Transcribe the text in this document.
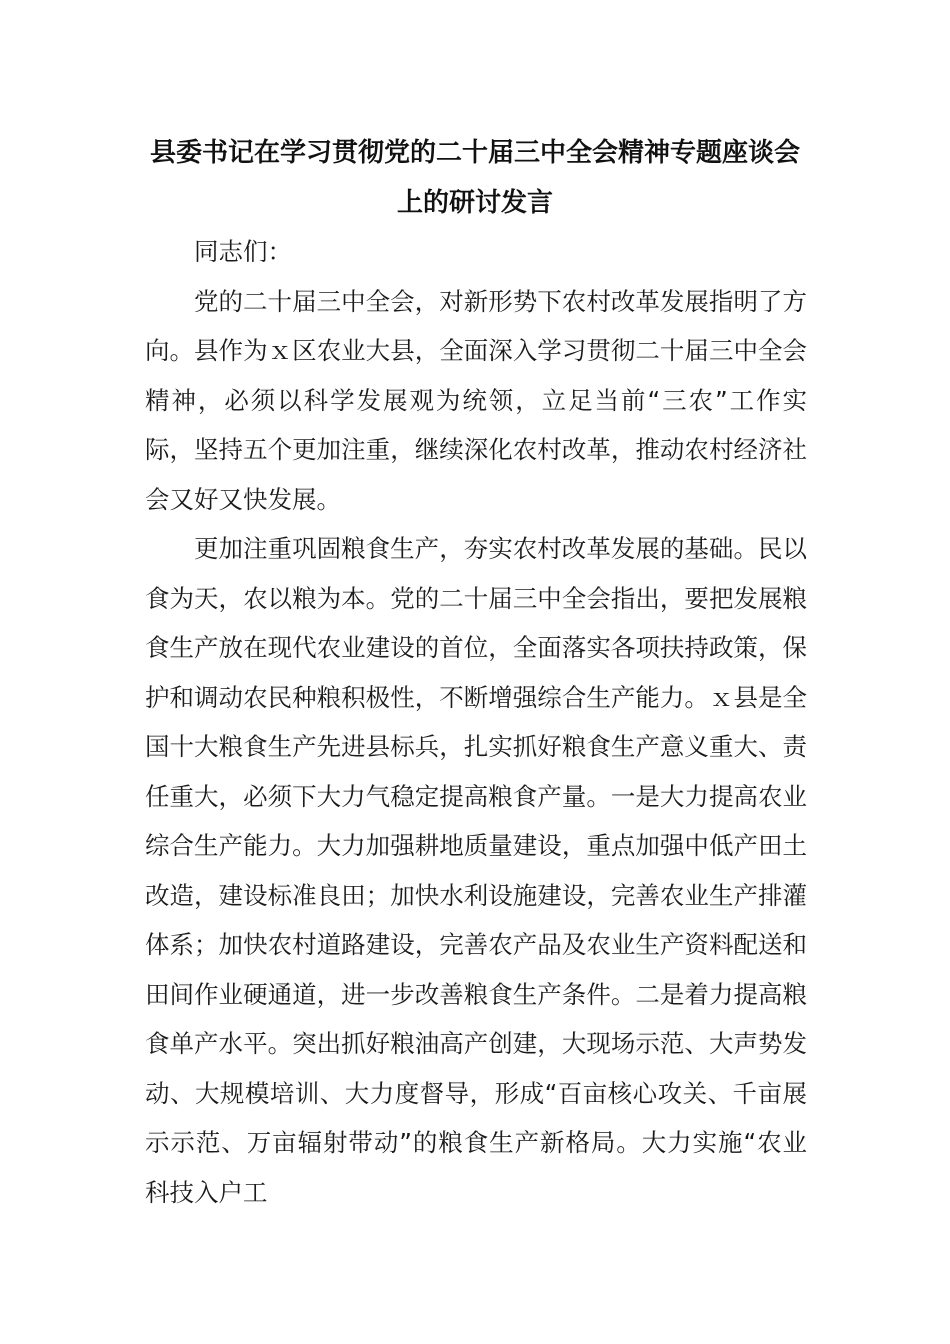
县委书记在学习贯彻党的二十届三中全会精神专题座谈会上的研讨发言

同志们：

党的二十届三中全会，对新形势下农村改革发展指明了方向。县作为ｘ区农业大县，全面深入学习贯彻二十届三中全会精神，必须以科学发展观为统领，立足当前“三农”工作实际，坚持五个更加注重，继续深化农村改革，推动农村经济社会又好又快发展。

更加注重巩固粮食生产，夯实农村改革发展的基础。民以食为天，农以粮为本。党的二十届三中全会指出，要把发展粮食生产放在现代农业建设的首位，全面落实各项扶持政策，保护和调动农民种粮积极性，不断增强综合生产能力。ｘ县是全国十大粮食生产先进县标兵，扎实抓好粮食生产意义重大、责任重大，必须下大力气稳定提高粮食产量。一是大力提高农业综合生产能力。大力加强耕地质量建设，重点加强中低产田土改造，建设标准良田；加快水利设施建设，完善农业生产排灌体系；加快农村道路建设，完善农产品及农业生产资料配送和田间作业硬通道，进一步改善粮食生产条件。二是着力提高粮食单产水平。突出抓好粮油高产创建，大现场示范、大声势发动、大规模培训、大力度督导，形成“百亩核心攻关、千亩展示示范、万亩辐射带动”的粮食生产新格局。大力实施“农业科技入户工
